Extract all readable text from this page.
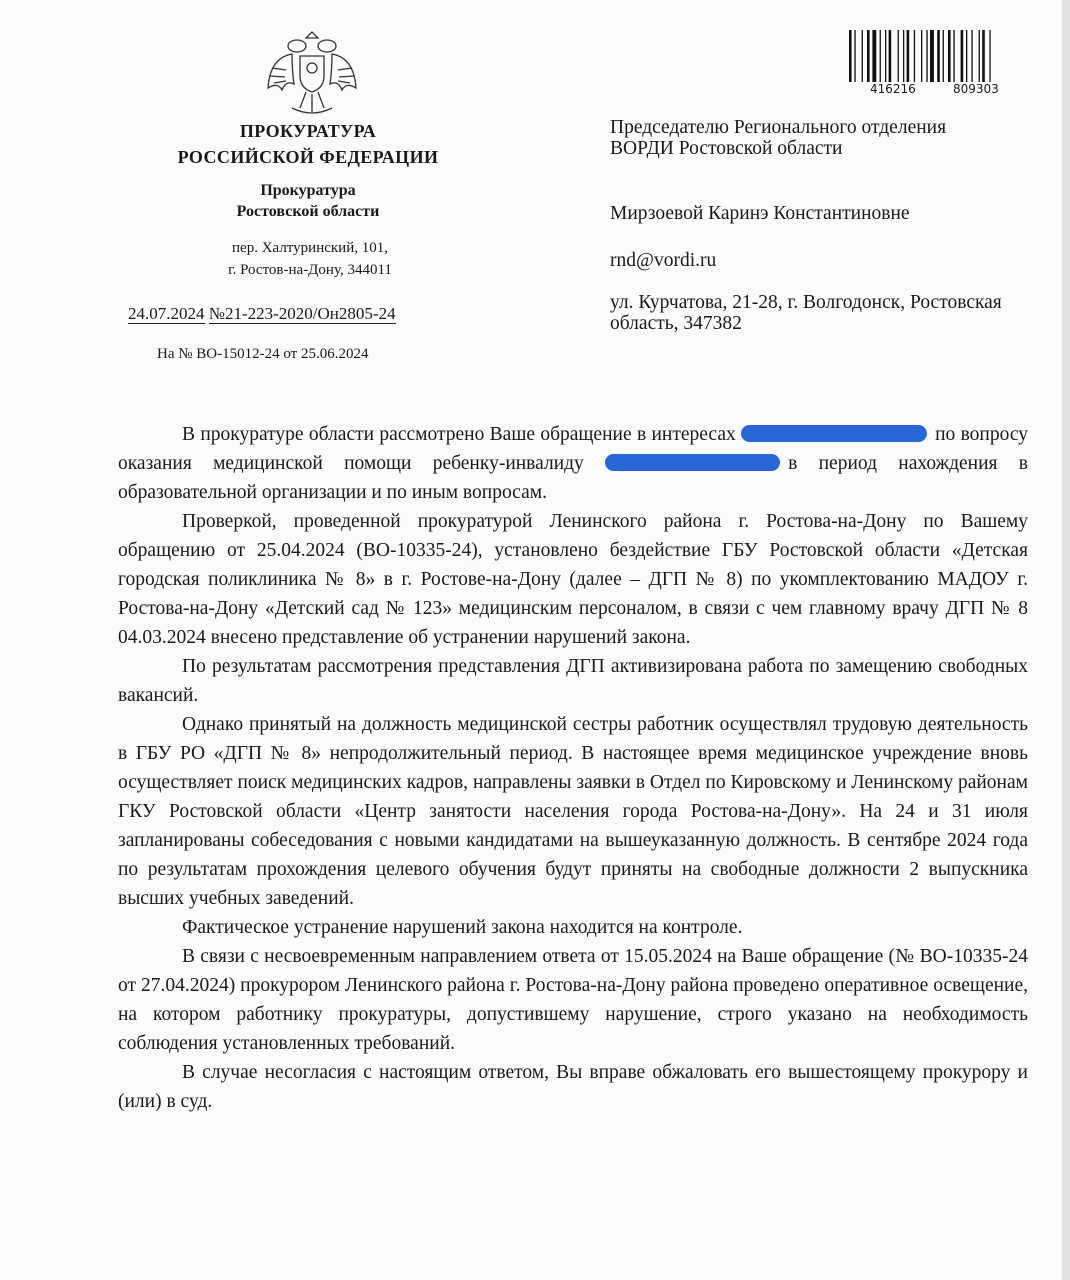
ПРОКУРАТУРА
РОССИЙСКОЙ ФЕДЕРАЦИИ
Прокуратура
Ростовской области
пер. Халтуринский, 101,
г. Ростов-на-Дону, 344011
24.07.2024 №21-223-2020/Он2805-24
На № ВО-15012-24 от 25.06.2024
416216	809303
Председателю Регионального отделения ВОРДИ Ростовской области
Мирзоевой Каринэ Константиновне
rnd@vordi.ru
ул. Курчатова, 21-28, г. Волгодонск, Ростовская область, 347382

В прокуратуре области рассмотрено Ваше обращение в интересах	по вопросу оказания медицинской помощи ребенку-инвалиду	в период нахождения в образовательной организации и по иным вопросам.

Проверкой, проведенной прокуратурой Ленинского района г. Ростова-на-Дону по Вашему обращению от 25.04.2024 (ВО-10335-24), установлено бездействие ГБУ Ростовской области «Детская городская поликлиника № 8» в г. Ростове-на-Дону (далее – ДГП № 8) по укомплектованию МАДОУ г. Ростова-на-Дону «Детский сад № 123» медицинским персоналом, в связи с чем главному врачу ДГП № 8 04.03.2024 внесено представление об устранении нарушений закона.

По результатам рассмотрения представления ДГП активизирована работа по замещению свободных вакансий.

Однако принятый на должность медицинской сестры работник осуществлял трудовую деятельность в ГБУ РО «ДГП № 8» непродолжительный период. В настоящее время медицинское учреждение вновь осуществляет поиск медицинских кадров, направлены заявки в Отдел по Кировскому и Ленинскому районам ГКУ Ростовской области «Центр занятости населения города Ростова-на-Дону». На 24 и 31 июля запланированы собеседования с новыми кандидатами на вышеуказанную должность. В сентябре 2024 года по результатам прохождения целевого обучения будут приняты на свободные должности 2 выпускника высших учебных заведений.

Фактическое устранение нарушений закона находится на контроле.

В связи с несвоевременным направлением ответа от 15.05.2024 на Ваше обращение (№ ВО-10335-24 от 27.04.2024) прокурором Ленинского района г. Ростова-на-Дону района проведено оперативное освещение, на котором работнику прокуратуры, допустившему нарушение, строго указано на необходимость соблюдения установленных требований.

В случае несогласия с настоящим ответом, Вы вправе обжаловать его вышестоящему прокурору и (или) в суд.
